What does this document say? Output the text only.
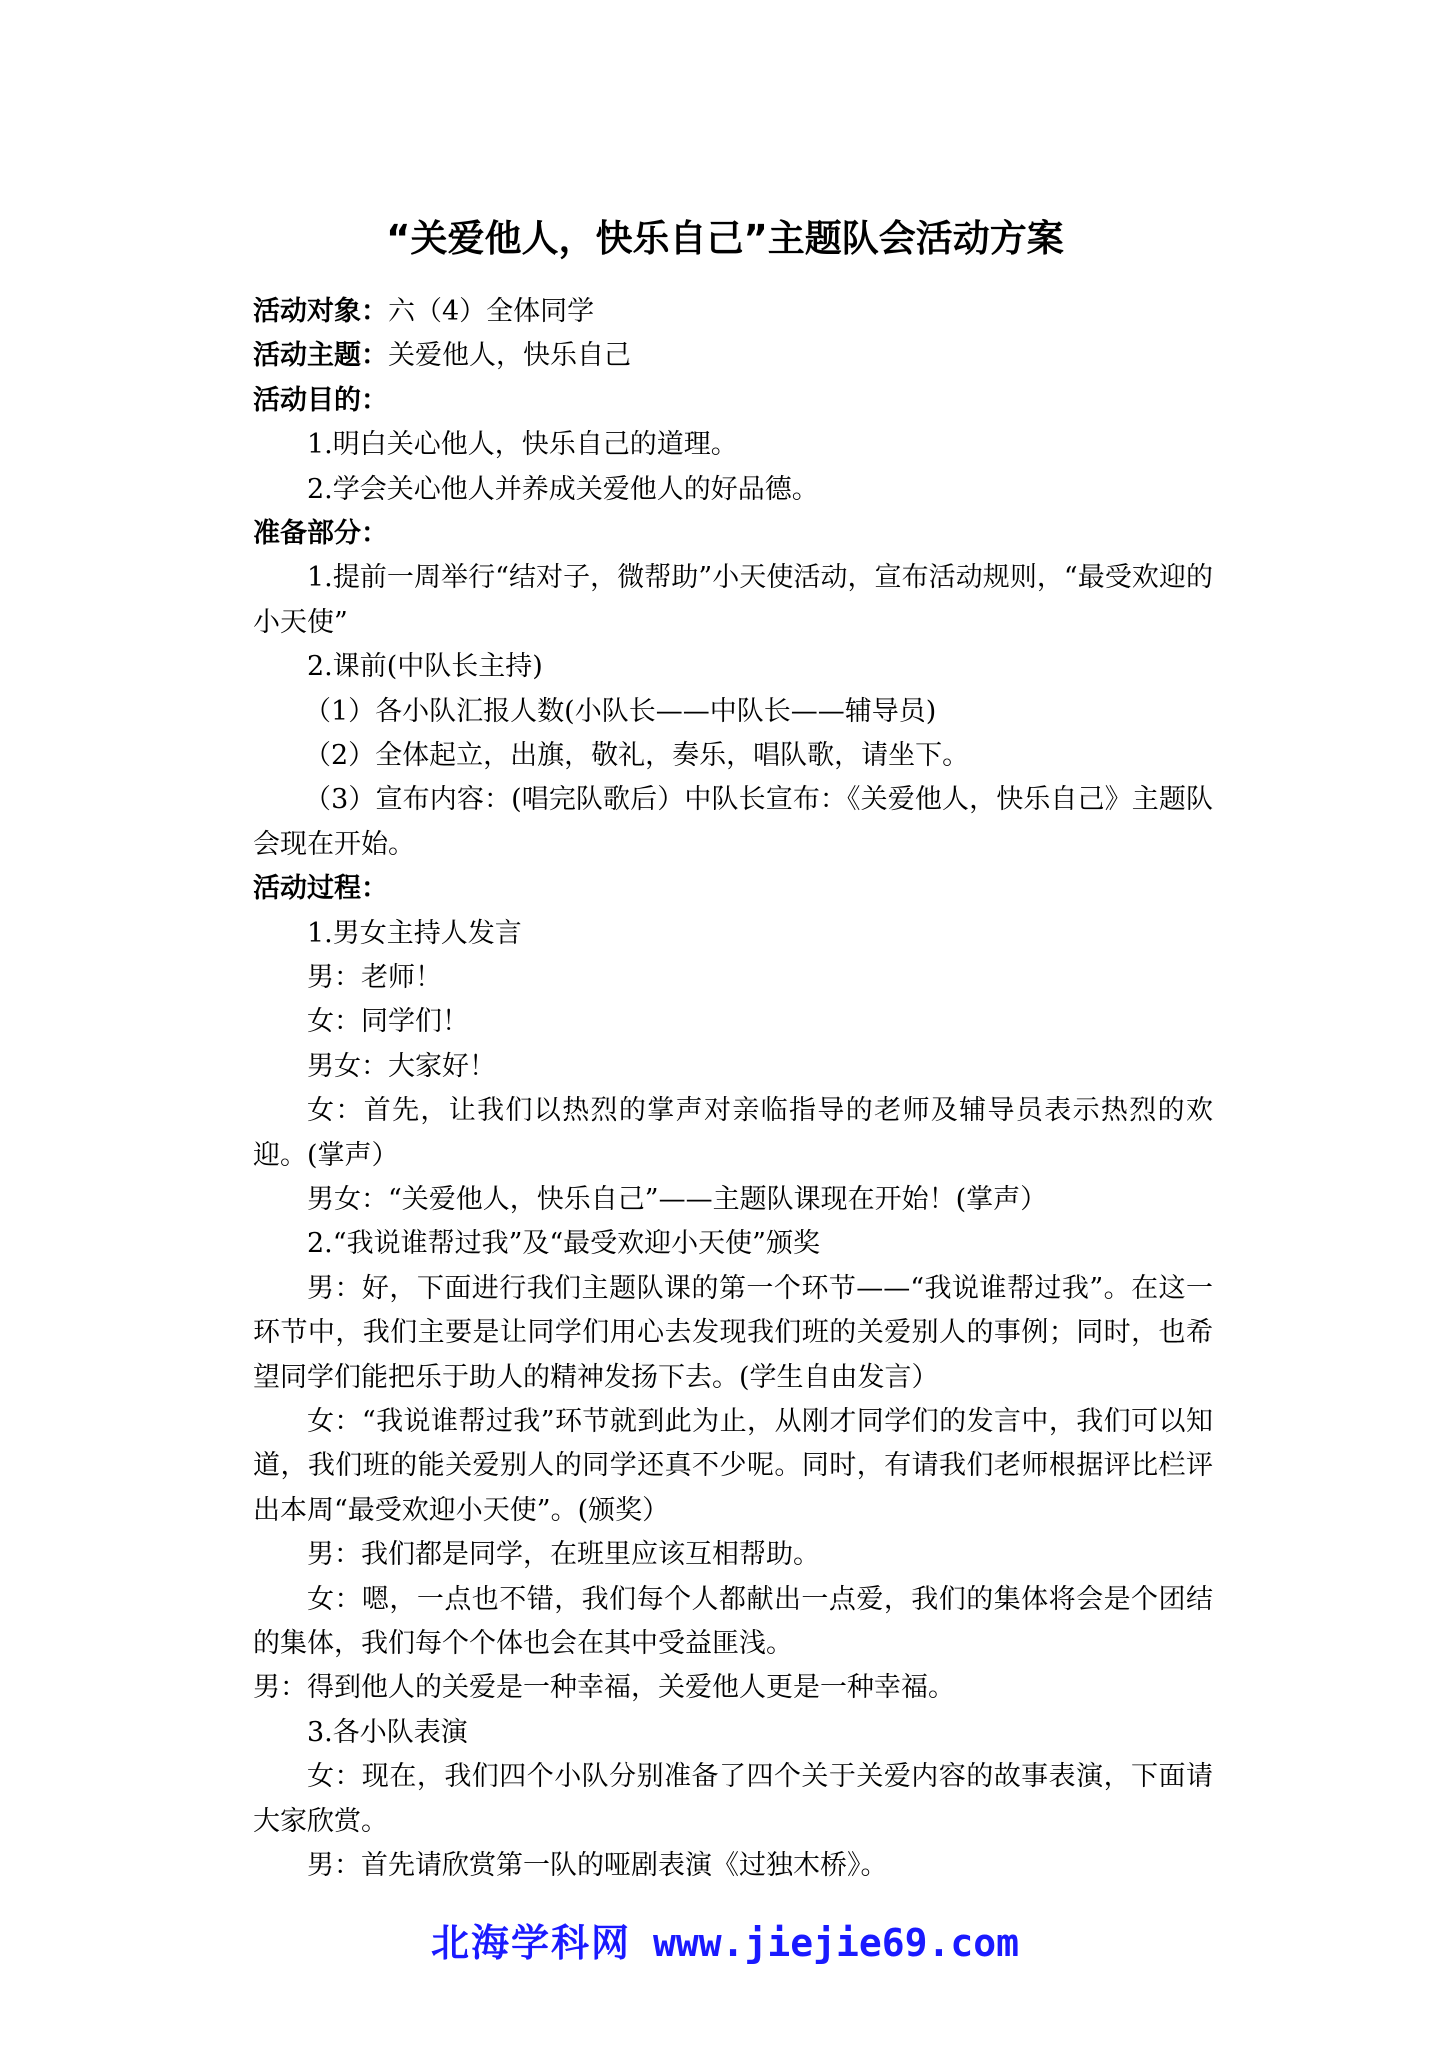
“关爱他人，快乐自己”主题队会活动方案
活动对象：六（4）全体同学
活动主题：关爱他人，快乐自己
活动目的：
1.明白关心他人，快乐自己的道理。
2.学会关心他人并养成关爱他人的好品德。
准备部分：
1.提前一周举行“结对子，微帮助”小天使活动，宣布活动规则，“最受欢迎的小天使”
2.课前(中队长主持)
（1）各小队汇报人数(小队长——中队长——辅导员)
（2）全体起立，出旗，敬礼，奏乐，唱队歌，请坐下。
（3）宣布内容：(唱完队歌后）中队长宣布：《关爱他人，快乐自己》主题队会现在开始。
活动过程：
1.男女主持人发言
男：老师！
女：同学们！
男女：大家好！
女：首先，让我们以热烈的掌声对亲临指导的老师及辅导员表示热烈的欢迎。(掌声）
男女：“关爱他人，快乐自己”——主题队课现在开始！(掌声）
2.“我说谁帮过我”及“最受欢迎小天使”颁奖
男：好，下面进行我们主题队课的第一个环节——“我说谁帮过我”。在这一环节中，我们主要是让同学们用心去发现我们班的关爱别人的事例；同时，也希望同学们能把乐于助人的精神发扬下去。(学生自由发言）
女：“我说谁帮过我”环节就到此为止，从刚才同学们的发言中，我们可以知道，我们班的能关爱别人的同学还真不少呢。同时，有请我们老师根据评比栏评出本周“最受欢迎小天使”。(颁奖）
男：我们都是同学，在班里应该互相帮助。
女：嗯，一点也不错，我们每个人都献出一点爱，我们的集体将会是个团结的集体，我们每个个体也会在其中受益匪浅。
男：得到他人的关爱是一种幸福，关爱他人更是一种幸福。
3.各小队表演
女：现在，我们四个小队分别准备了四个关于关爱内容的故事表演，下面请大家欣赏。
男：首先请欣赏第一队的哑剧表演《过独木桥》。
北海学科网 www.jiejie69.com
